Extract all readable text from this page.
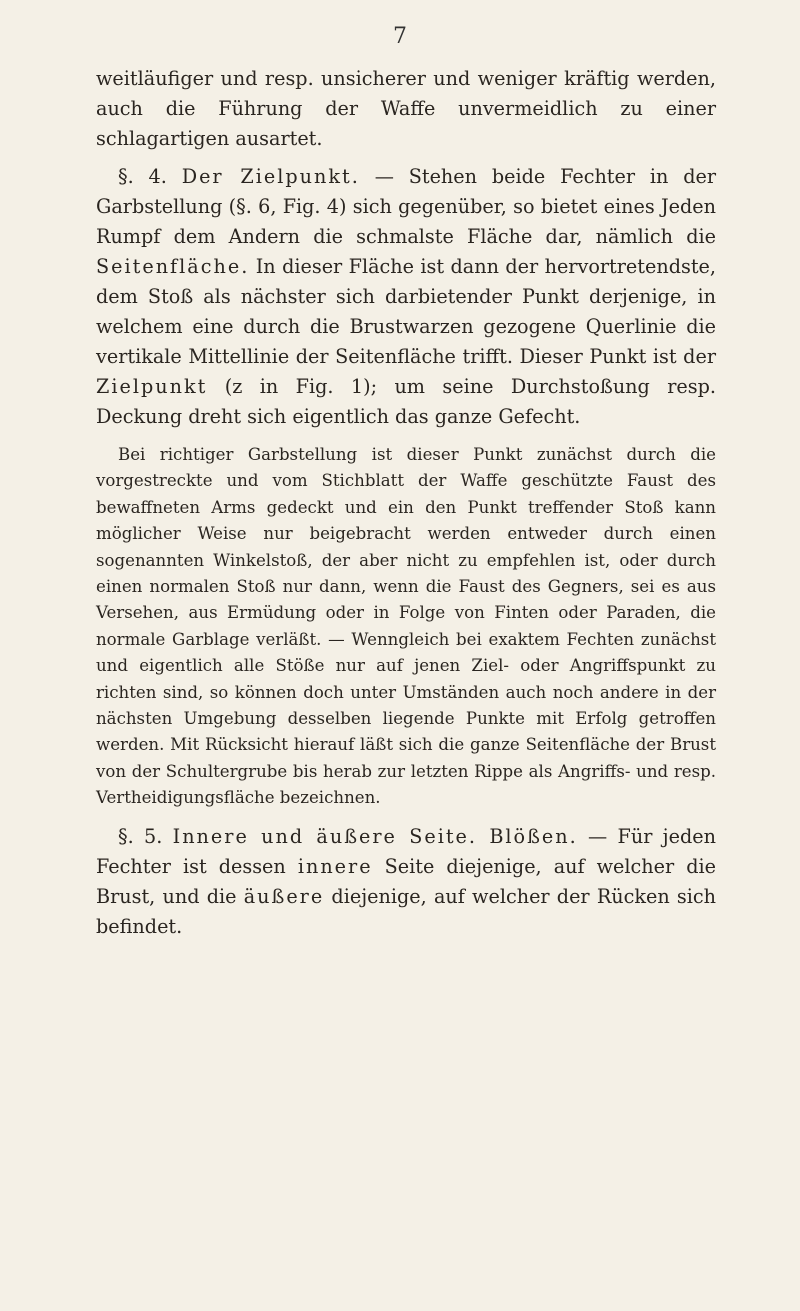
7

weitläufiger und resp. unsicherer und weniger kräftig werden, auch die Führung der Waffe unvermeidlich zu einer schlagartigen ausartet.

§. 4. Der Zielpunkt. — Stehen beide Fechter in der Garbstellung (§. 6, Fig. 4) sich gegenüber, so bietet eines Jeden Rumpf dem Andern die schmalste Fläche dar, nämlich die Seitenfläche. In dieser Fläche ist dann der hervortretendste, dem Stoß als nächster sich darbietender Punkt derjenige, in welchem eine durch die Brustwarzen gezogene Querlinie die vertikale Mittellinie der Seitenfläche trifft. Dieser Punkt ist der Zielpunkt (z in Fig. 1); um seine Durchstoßung resp. Deckung dreht sich eigentlich das ganze Gefecht.

Bei richtiger Garbstellung ist dieser Punkt zunächst durch die vorgestreckte und vom Stichblatt der Waffe geschützte Faust des bewaffneten Arms gedeckt und ein den Punkt treffender Stoß kann möglicher Weise nur beigebracht werden entweder durch einen sogenannten Winkelstoß, der aber nicht zu empfehlen ist, oder durch einen normalen Stoß nur dann, wenn die Faust des Gegners, sei es aus Versehen, aus Ermüdung oder in Folge von Finten oder Paraden, die normale Garblage verläßt. — Wenngleich bei exaktem Fechten zunächst und eigentlich alle Stöße nur auf jenen Ziel- oder Angriffspunkt zu richten sind, so können doch unter Umständen auch noch andere in der nächsten Umgebung desselben liegende Punkte mit Erfolg getroffen werden. Mit Rücksicht hierauf läßt sich die ganze Seitenfläche der Brust von der Schultergrube bis herab zur letzten Rippe als Angriffs- und resp. Vertheidigungsfläche bezeichnen.

§. 5. Innere und äußere Seite. Blößen. — Für jeden Fechter ist dessen innere Seite diejenige, auf welcher die Brust, und die äußere diejenige, auf welcher der Rücken sich befindet.
